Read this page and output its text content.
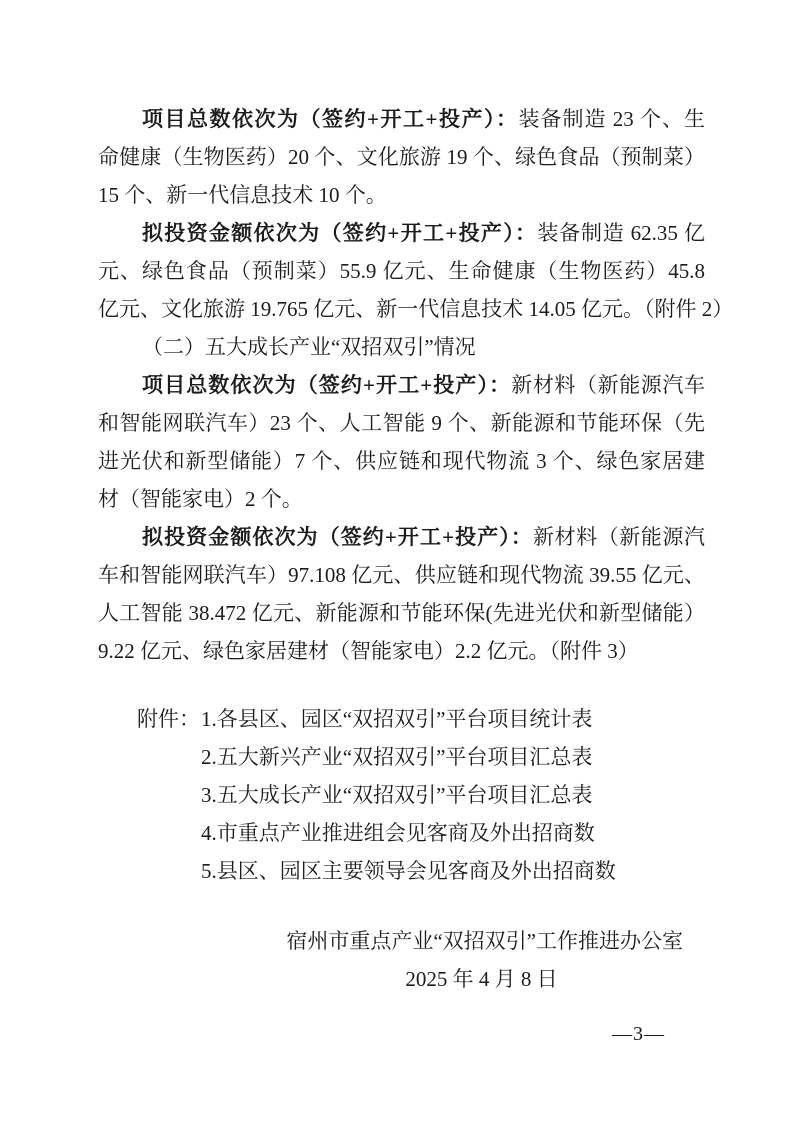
项目总数依次为（签约+开工+投产）：装备制造 23 个、生
命健康（生物医药）20 个、文化旅游 19 个、绿色食品（预制菜）
15 个、新一代信息技术 10 个。
拟投资金额依次为（签约+开工+投产）：装备制造 62.35 亿
元、绿色食品（预制菜）55.9 亿元、生命健康（生物医药）45.8
亿元、文化旅游 19.765 亿元、新一代信息技术 14.05 亿元。（附件 2）
（二）五大成长产业“双招双引”情况
项目总数依次为（签约+开工+投产）：新材料（新能源汽车
和智能网联汽车）23 个、人工智能 9 个、新能源和节能环保（先
进光伏和新型储能）7 个、供应链和现代物流 3 个、绿色家居建
材（智能家电）2 个。
拟投资金额依次为（签约+开工+投产）：新材料（新能源汽
车和智能网联汽车）97.108 亿元、供应链和现代物流 39.55 亿元、
人工智能 38.472 亿元、新能源和节能环保(先进光伏和新型储能）
9.22 亿元、绿色家居建材（智能家电）2.2 亿元。（附件 3）
附件：1.各县区、园区“双招双引”平台项目统计表
2.五大新兴产业“双招双引”平台项目汇总表
3.五大成长产业“双招双引”平台项目汇总表
4.市重点产业推进组会见客商及外出招商数
5.县区、园区主要领导会见客商及外出招商数
宿州市重点产业“双招双引”工作推进办公室
2025 年 4 月 8 日
—3—
